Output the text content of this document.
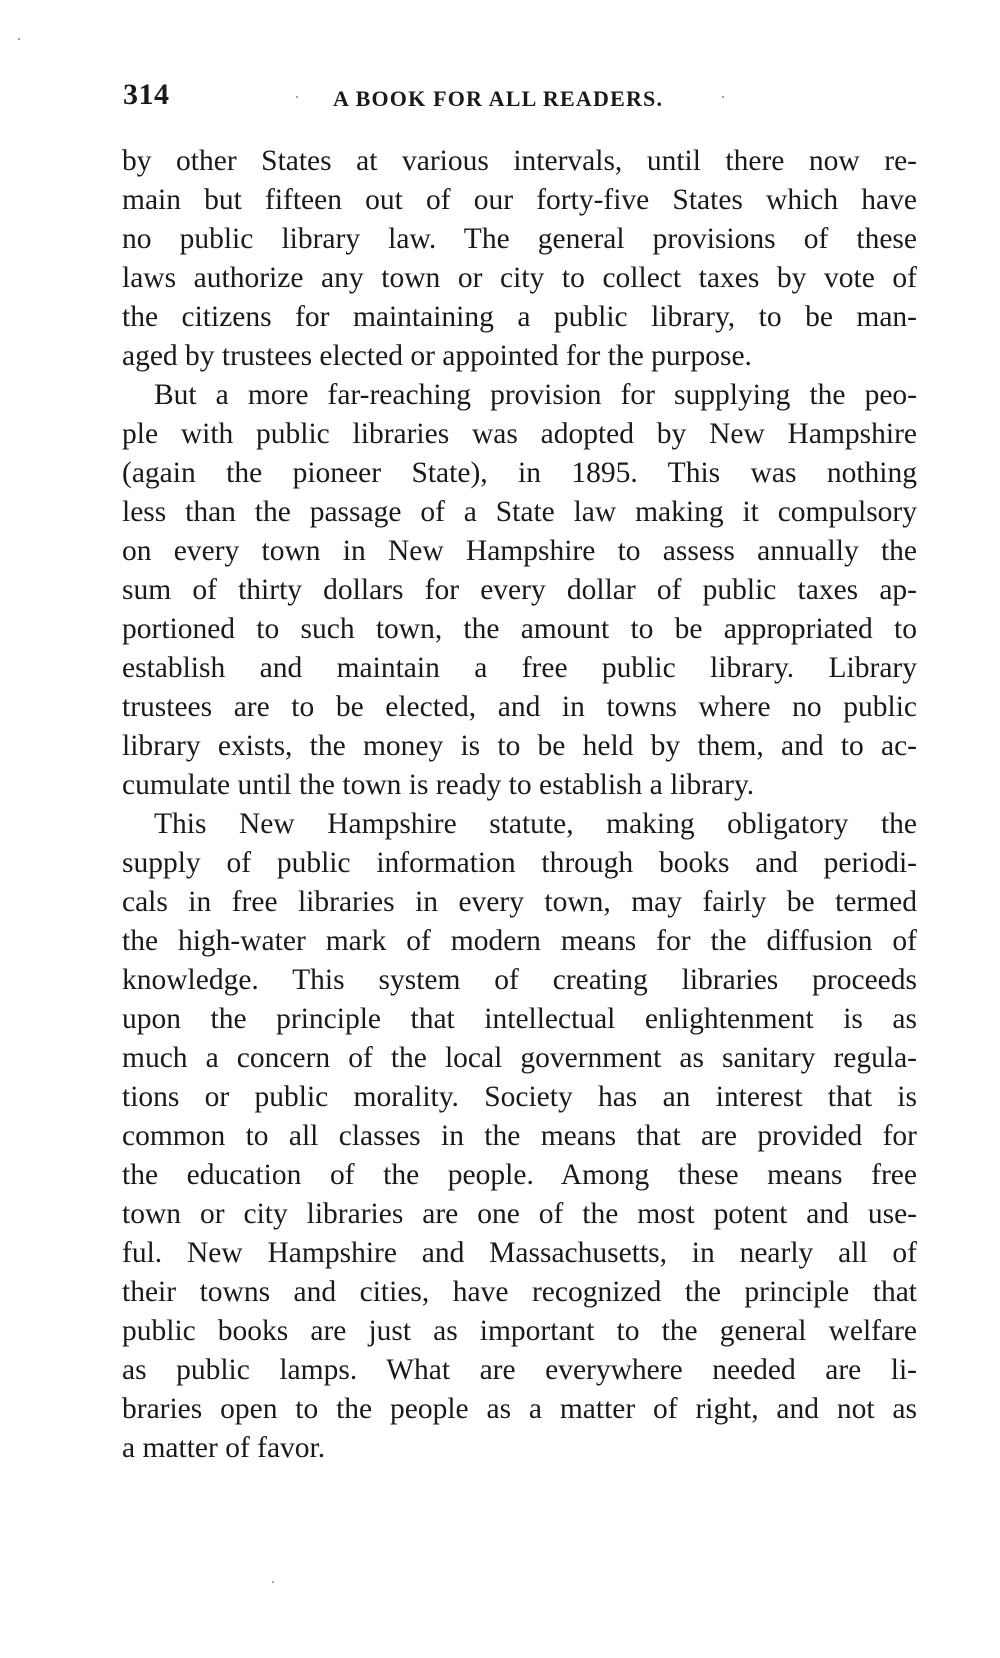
314	A BOOK FOR ALL READERS.
by other States at various intervals, until there now re-
main but fifteen out of our forty-five States which have
no public library law. The general provisions of these
laws authorize any town or city to collect taxes by vote of
the citizens for maintaining a public library, to be man-
aged by trustees elected or appointed for the purpose.
But a more far-reaching provision for supplying the peo-
ple with public libraries was adopted by New Hampshire
(again the pioneer State), in 1895. This was nothing
less than the passage of a State law making it compulsory
on every town in New Hampshire to assess annually the
sum of thirty dollars for every dollar of public taxes ap-
portioned to such town, the amount to be appropriated to
establish and maintain a free public library. Library
trustees are to be elected, and in towns where no public
library exists, the money is to be held by them, and to ac-
cumulate until the town is ready to establish a library.
This New Hampshire statute, making obligatory the
supply of public information through books and periodi-
cals in free libraries in every town, may fairly be termed
the high-water mark of modern means for the diffusion of
knowledge. This system of creating libraries proceeds
upon the principle that intellectual enlightenment is as
much a concern of the local government as sanitary regula-
tions or public morality. Society has an interest that is
common to all classes in the means that are provided for
the education of the people. Among these means free
town or city libraries are one of the most potent and use-
ful. New Hampshire and Massachusetts, in nearly all of
their towns and cities, have recognized the principle that
public books are just as important to the general welfare
as public lamps. What are everywhere needed are li-
braries open to the people as a matter of right, and not as
a matter of favor.
